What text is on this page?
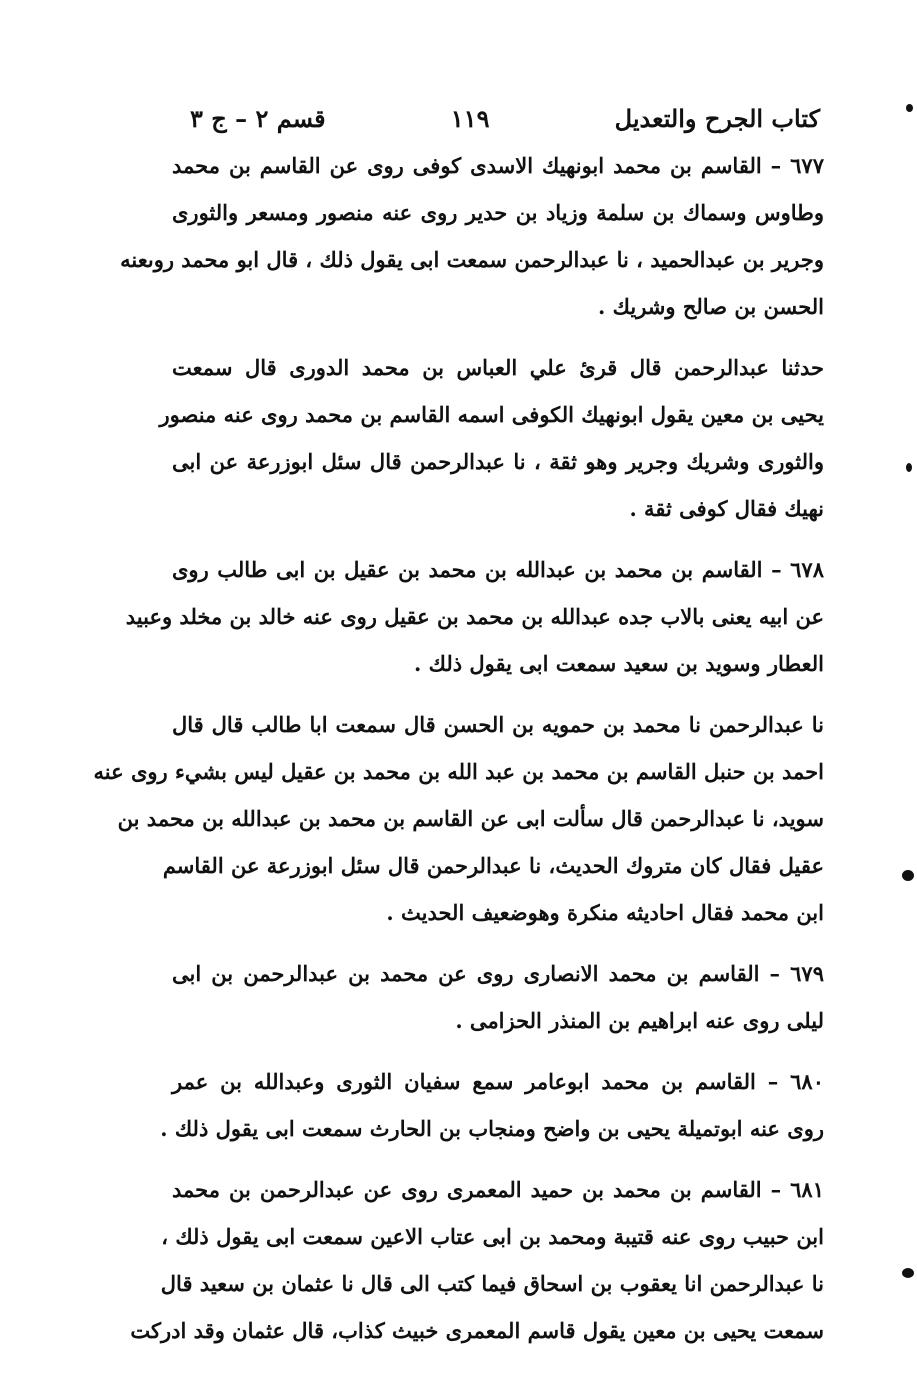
كتاب الجرح والتعديل
١١٩
قسم ٢ – ج ٣
٦٧٧ – القاسم بن محمد ابونهيك الاسدى كوفى روى عن القاسم بن محمد
وطاوس وسماك بن سلمة وزياد بن حدير روى عنه منصور ومسعر والثورى
وجرير بن عبدالحميد ، نا عبدالرحمن سمعت ابى يقول ذلك ، قال ابو محمد روىعنه
الحسن بن صالح وشريك .
حدثنا عبدالرحمن قال قرئ علي العباس بن محمد الدورى قال سمعت
يحيى بن معين يقول ابونهيك الكوفى اسمه القاسم بن محمد روى عنه منصور
والثورى وشريك وجرير وهو ثقة ، نا عبدالرحمن قال سئل ابوزرعة عن ابى
نهيك فقال كوفى ثقة .
٦٧٨ – القاسم بن محمد بن عبدالله بن محمد بن عقيل بن ابى طالب روى
عن ابيه يعنى بالاب جده عبدالله بن محمد بن عقيل روى عنه خالد بن مخلد وعبيد
العطار وسويد بن سعيد سمعت ابى يقول ذلك .
نا عبدالرحمن نا محمد بن حمويه بن الحسن قال سمعت ابا طالب قال قال
احمد بن حنبل القاسم بن محمد بن عبد الله بن محمد بن عقيل ليس بشيء روى عنه
سويد، نا عبدالرحمن قال سألت ابى عن القاسم بن محمد بن عبدالله بن محمد بن
عقيل فقال كان متروك الحديث، نا عبدالرحمن قال سئل ابوزرعة عن القاسم
ابن محمد فقال احاديثه منكرة وهوضعيف الحديث .
٦٧٩ – القاسم بن محمد الانصارى روى عن محمد بن عبدالرحمن بن ابى
ليلى روى عنه ابراهيم بن المنذر الحزامى .
٦٨٠ – القاسم بن محمد ابوعامر سمع سفيان الثورى وعبدالله بن عمر
روى عنه ابوتميلة يحيى بن واضح ومنجاب بن الحارث سمعت ابى يقول ذلك .
٦٨١ – القاسم بن محمد بن حميد المعمرى روى عن عبدالرحمن بن محمد
ابن حبيب روى عنه قتيبة ومحمد بن ابى عتاب الاعين سمعت ابى يقول ذلك ،
نا عبدالرحمن انا يعقوب بن اسحاق فيما كتب الى قال نا عثمان بن سعيد قال
سمعت يحيى بن معين يقول قاسم المعمرى خبيث كذاب، قال عثمان وقد ادركت
